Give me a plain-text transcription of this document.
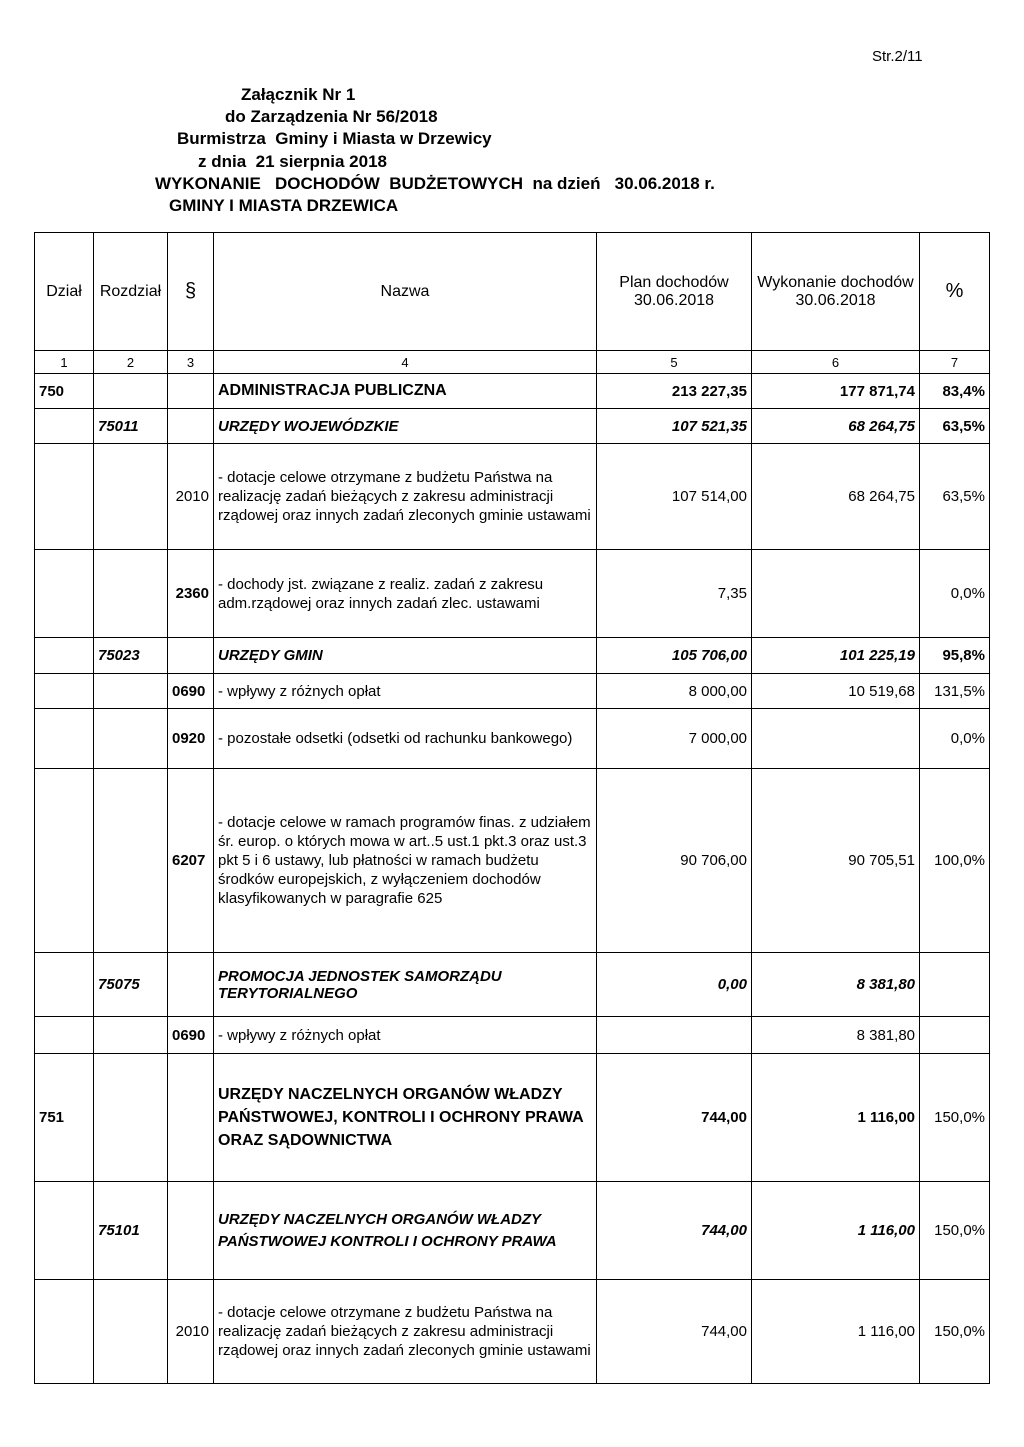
Str.2/11
Załącznik Nr 1
do Zarządzenia Nr 56/2018
Burmistrza  Gminy i Miasta w Drzewicy
z dnia  21 sierpnia 2018
WYKONANIE   DOCHODÓW  BUDŻETOWYCH  na dzień   30.06.2018 r.
GMINY I MIASTA DRZEWICA
Dział	Rozdział	§	Nazwa	Plan dochodów 30.06.2018	Wykonanie dochodów 30.06.2018	%
1	2	3	4	5	6	7
750			ADMINISTRACJA PUBLICZNA	213 227,35	177 871,74	83,4%
	75011		URZĘDY WOJEWÓDZKIE	107 521,35	68 264,75	63,5%
		2010	- dotacje celowe otrzymane z budżetu Państwa na realizację zadań bieżących z zakresu administracji rządowej oraz innych zadań zleconych gminie ustawami	107 514,00	68 264,75	63,5%
		2360	- dochody jst. związane z realiz. zadań z zakresu adm.rządowej oraz innych zadań zlec. ustawami	7,35		0,0%
	75023		URZĘDY GMIN	105 706,00	101 225,19	95,8%
		0690	- wpływy z różnych opłat	8 000,00	10 519,68	131,5%
		0920	- pozostałe odsetki (odsetki od rachunku bankowego)	7 000,00		0,0%
		6207	- dotacje celowe w ramach programów finas. z udziałem śr. europ. o których mowa w art..5 ust.1 pkt.3 oraz ust.3 pkt 5 i 6 ustawy, lub płatności w ramach budżetu środków europejskich, z wyłączeniem dochodów klasyfikowanych w paragrafie 625	90 706,00	90 705,51	100,0%
	75075		PROMOCJA JEDNOSTEK SAMORZĄDU TERYTORIALNEGO	0,00	8 381,80	
		0690	- wpływy z różnych opłat		8 381,80	
751			URZĘDY NACZELNYCH ORGANÓW WŁADZY PAŃSTWOWEJ, KONTROLI I OCHRONY PRAWA ORAZ SĄDOWNICTWA	744,00	1 116,00	150,0%
	75101		URZĘDY NACZELNYCH ORGANÓW WŁADZY PAŃSTWOWEJ KONTROLI I OCHRONY PRAWA	744,00	1 116,00	150,0%
		2010	- dotacje celowe otrzymane z budżetu Państwa na realizację zadań bieżących z zakresu administracji rządowej oraz innych zadań zleconych gminie ustawami	744,00	1 116,00	150,0%
